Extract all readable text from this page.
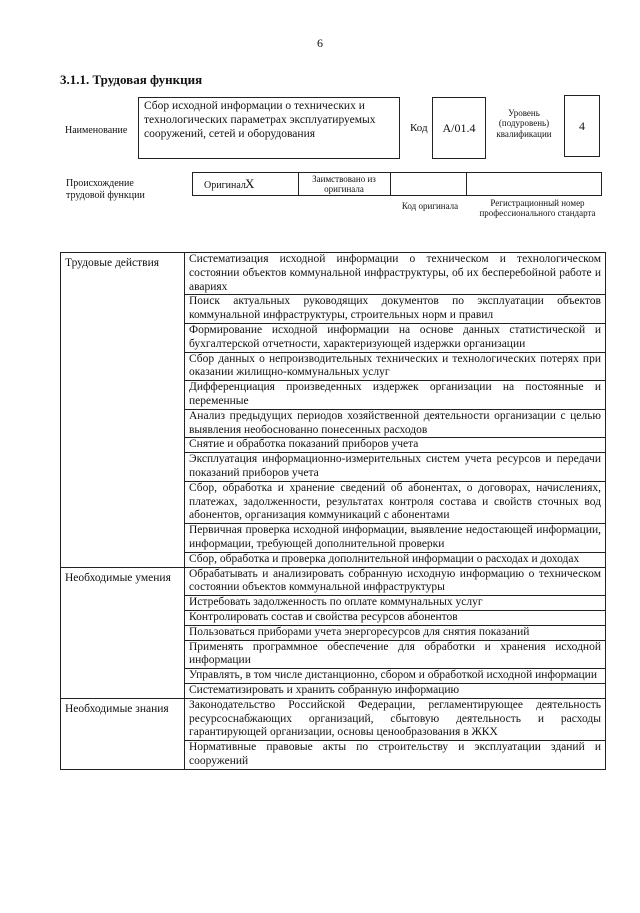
6
3.1.1. Трудовая функция
Наименование
Сбор исходной информации о технических и технологических параметрах эксплуатируемых сооружений, сетей и оборудования	Код	A/01.4
Уровень (подуровень) квалификации
4
Происхождение трудовой функции
Оригинал X	Заимствовано из оригинала
Код оригинала	Регистрационный номер профессионального стандарта
Трудовые действия	Систематизация исходной информации о техническом и технологическом состоянии объектов коммунальной инфраструктуры, об их бесперебойной работе и авариях
	Поиск актуальных руководящих документов по эксплуатации объектов коммунальной инфраструктуры, строительных норм и правил
	Формирование исходной информации на основе данных статистической и бухгалтерской отчетности, характеризующей издержки организации
	Сбор данных о непроизводительных технических и технологических потерях при оказании жилищно-коммунальных услуг
	Дифференциация произведенных издержек организации на постоянные и переменные
	Анализ предыдущих периодов хозяйственной деятельности организации с целью выявления необоснованно понесенных расходов
	Снятие и обработка показаний приборов учета
	Эксплуатация информационно-измерительных систем учета ресурсов и передачи показаний приборов учета
	Сбор, обработка и хранение сведений об абонентах, о договорах, начислениях, платежах, задолженности, результатах контроля состава и свойств сточных вод абонентов, организация коммуникаций с абонентами
	Первичная проверка исходной информации, выявление недостающей информации, информации, требующей дополнительной проверки
	Сбор, обработка и проверка дополнительной информации о расходах и доходах
Необходимые умения	Обрабатывать и анализировать собранную исходную информацию о техническом состоянии объектов коммунальной инфраструктуры
	Истребовать задолженность по оплате коммунальных услуг
	Контролировать состав и свойства ресурсов абонентов
	Пользоваться приборами учета энергоресурсов для снятия показаний
	Применять программное обеспечение для обработки и хранения исходной информации
	Управлять, в том числе дистанционно, сбором и обработкой исходной информации
	Систематизировать и хранить собранную информацию
Необходимые знания	Законодательство Российской Федерации, регламентирующее деятельность ресурсоснабжающих организаций, сбытовую деятельность и расходы гарантирующей организации, основы ценообразования в ЖКХ
	Нормативные правовые акты по строительству и эксплуатации зданий и сооружений
